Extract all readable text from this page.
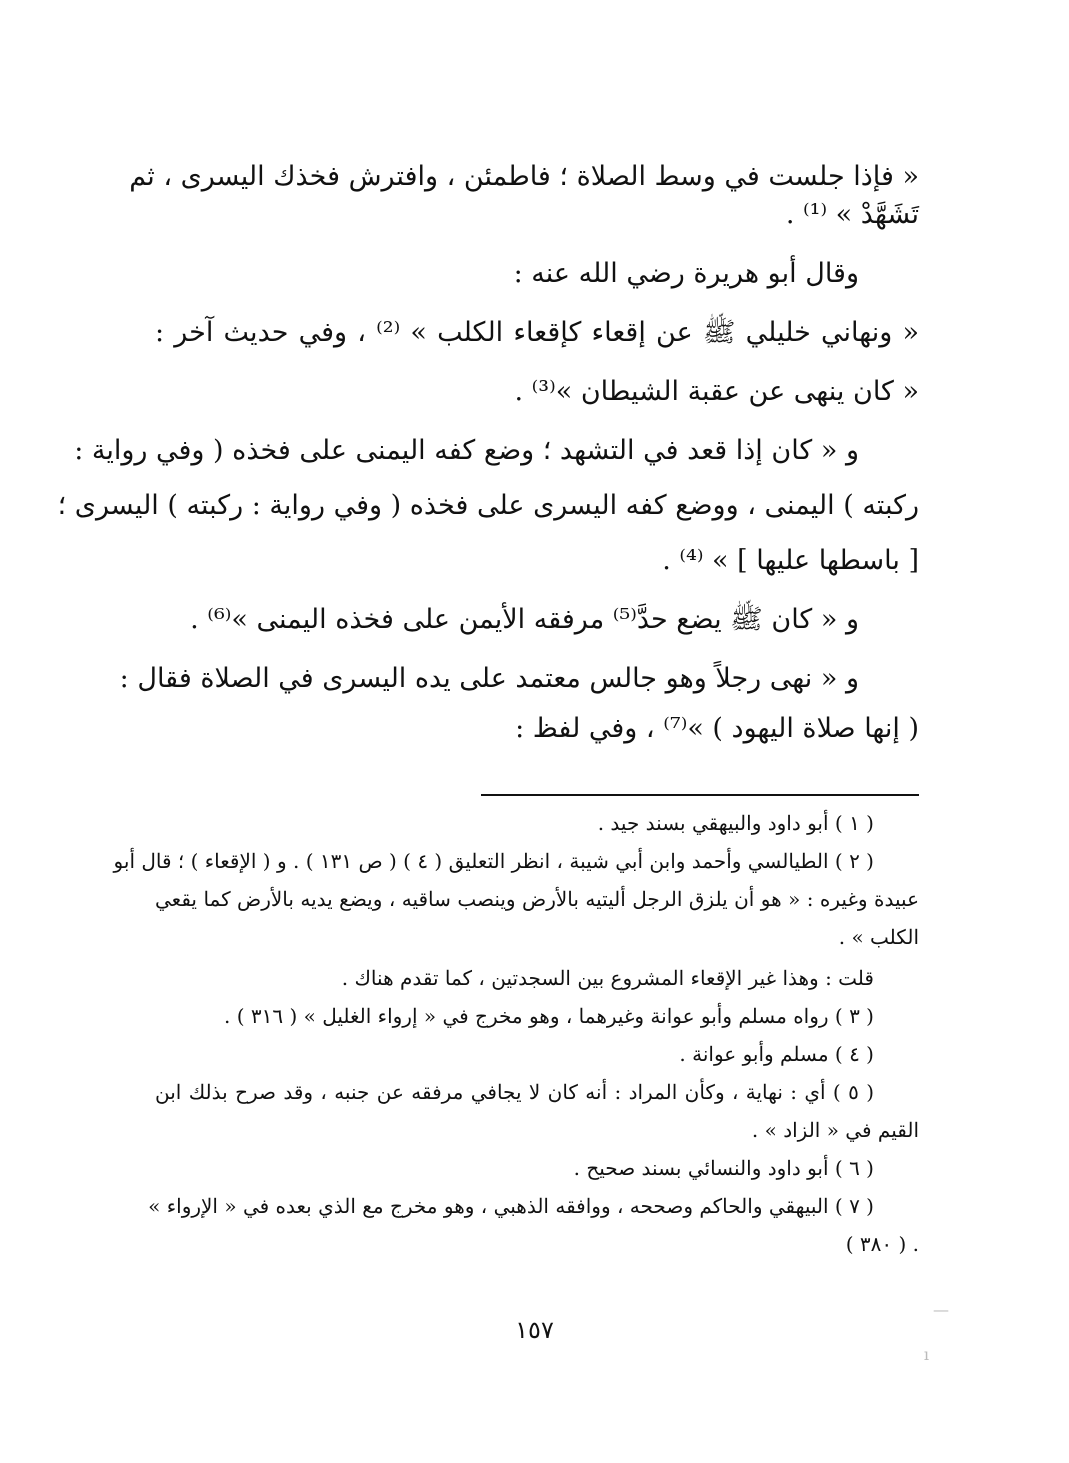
« فإذا جلست في وسط الصلاة ؛ فاطمئن ، وافترش فخذك اليسرى ، ثم
تَشَهَّدْ » ⁽¹⁾ .
وقال أبو هريرة رضي الله عنه :
« ونهاني خليلي ﷺ عن إقعاء كإقعاء الكلب » ⁽²⁾ ، وفي حديث آخر :
« كان ينهى عن عقبة الشيطان »⁽³⁾ .
و « كان إذا قعد في التشهد ؛ وضع كفه اليمنى على فخذه ( وفي رواية :
ركبته ) اليمنى ، ووضع كفه اليسرى على فخذه ( وفي رواية : ركبته ) اليسرى ؛
[ باسطها عليها ] » ⁽⁴⁾ .
و « كان ﷺ يضع حدَّ⁽⁵⁾ مرفقه الأيمن على فخذه اليمنى »⁽⁶⁾ .
و « نهى رجلاً وهو جالس معتمد على يده اليسرى في الصلاة فقال :
( إنها صلاة اليهود ) »⁽⁷⁾ ، وفي لفظ :
( ١ ) أبو داود والبيهقي بسند جيد .
( ٢ ) الطيالسي وأحمد وابن أبي شيبة ، انظر التعليق ( ٤ ) ( ص ١٣١ ) . و ( الإقعاء ) ؛ قال أبو
عبيدة وغيره : « هو أن يلزق الرجل أليتيه بالأرض وينصب ساقيه ، ويضع يديه بالأرض كما يقعي
الكلب » .
قلت : وهذا غير الإقعاء المشروع بين السجدتين ، كما تقدم هناك .
( ٣ ) رواه مسلم وأبو عوانة وغيرهما ، وهو مخرج في « إرواء الغليل » ( ٣١٦ ) .
( ٤ ) مسلم وأبو عوانة .
( ٥ ) أي : نهاية ، وكأن المراد : أنه كان لا يجافي مرفقه عن جنبه ، وقد صرح بذلك ابن
القيم في « الزاد » .
( ٦ ) أبو داود والنسائي بسند صحيح .
( ٧ ) البيهقي والحاكم وصححه ، ووافقه الذهبي ، وهو مخرج مع الذي بعده في « الإرواء »
( ٣٨٠ ) .
١٥٧
—
ı
